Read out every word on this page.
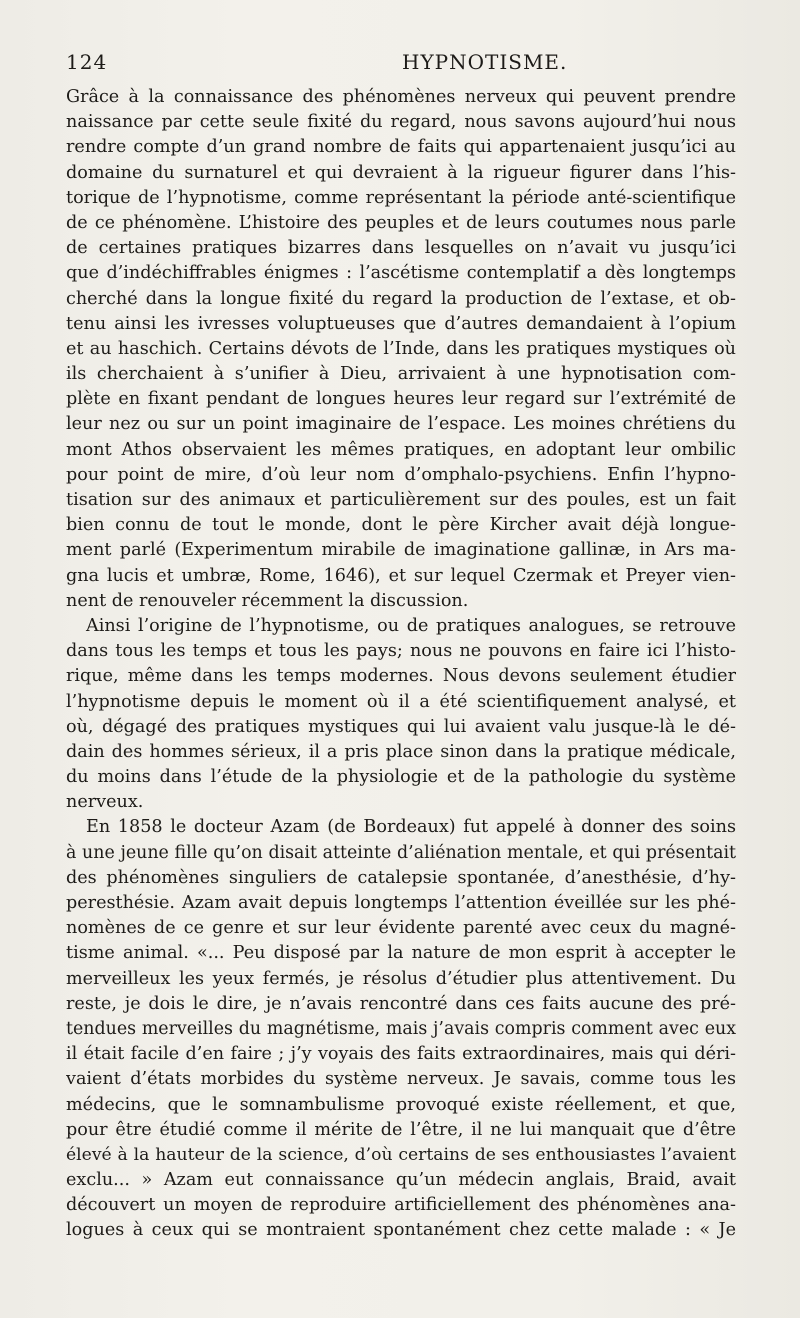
124	HYPNOTISME.

Grâce à la connaissance des phénomènes nerveux qui peuvent prendre
naissance par cette seule fixité du regard, nous savons aujourd’hui nous
rendre compte d’un grand nombre de faits qui appartenaient jusqu’ici au
domaine du surnaturel et qui devraient à la rigueur figurer dans l’his-
torique de l’hypnotisme, comme représentant la période anté-scientifique
de ce phénomène. L’histoire des peuples et de leurs coutumes nous parle
de certaines pratiques bizarres dans lesquelles on n’avait vu jusqu’ici
que d’indéchiffrables énigmes : l’ascétisme contemplatif a dès longtemps
cherché dans la longue fixité du regard la production de l’extase, et ob-
tenu ainsi les ivresses voluptueuses que d’autres demandaient à l’opium
et au haschich. Certains dévots de l’Inde, dans les pratiques mystiques où
ils cherchaient à s’unifier à Dieu, arrivaient à une hypnotisation com-
plète en fixant pendant de longues heures leur regard sur l’extrémité de
leur nez ou sur un point imaginaire de l’espace. Les moines chrétiens du
mont Athos observaient les mêmes pratiques, en adoptant leur ombilic
pour point de mire, d’où leur nom d’omphalo-psychiens. Enfin l’hypno-
tisation sur des animaux et particulièrement sur des poules, est un fait
bien connu de tout le monde, dont le père Kircher avait déjà longue-
ment parlé (Experimentum mirabile de imaginatione gallinæ, in Ars ma-
gna lucis et umbræ, Rome, 1646), et sur lequel Czermak et Preyer vien-
nent de renouveler récemment la discussion.

Ainsi l’origine de l’hypnotisme, ou de pratiques analogues, se retrouve
dans tous les temps et tous les pays; nous ne pouvons en faire ici l’histo-
rique, même dans les temps modernes. Nous devons seulement étudier
l’hypnotisme depuis le moment où il a été scientifiquement analysé, et
où, dégagé des pratiques mystiques qui lui avaient valu jusque-là le dé-
dain des hommes sérieux, il a pris place sinon dans la pratique médicale,
du moins dans l’étude de la physiologie et de la pathologie du système
nerveux.

En 1858 le docteur Azam (de Bordeaux) fut appelé à donner des soins
à une jeune fille qu’on disait atteinte d’aliénation mentale, et qui présentait
des phénomènes singuliers de catalepsie spontanée, d’anesthésie, d’hy-
peresthésie. Azam avait depuis longtemps l’attention éveillée sur les phé-
nomènes de ce genre et sur leur évidente parenté avec ceux du magné-
tisme animal. «... Peu disposé par la nature de mon esprit à accepter le
merveilleux les yeux fermés, je résolus d’étudier plus attentivement. Du
reste, je dois le dire, je n’avais rencontré dans ces faits aucune des pré-
tendues merveilles du magnétisme, mais j’avais compris comment avec eux
il était facile d’en faire ; j’y voyais des faits extraordinaires, mais qui déri-
vaient d’états morbides du système nerveux. Je savais, comme tous les
médecins, que le somnambulisme provoqué existe réellement, et que,
pour être étudié comme il mérite de l’être, il ne lui manquait que d’être
élevé à la hauteur de la science, d’où certains de ses enthousiastes l’avaient
exclu... » Azam eut connaissance qu’un médecin anglais, Braid, avait
découvert un moyen de reproduire artificiellement des phénomènes ana-
logues à ceux qui se montraient spontanément chez cette malade : « Je
